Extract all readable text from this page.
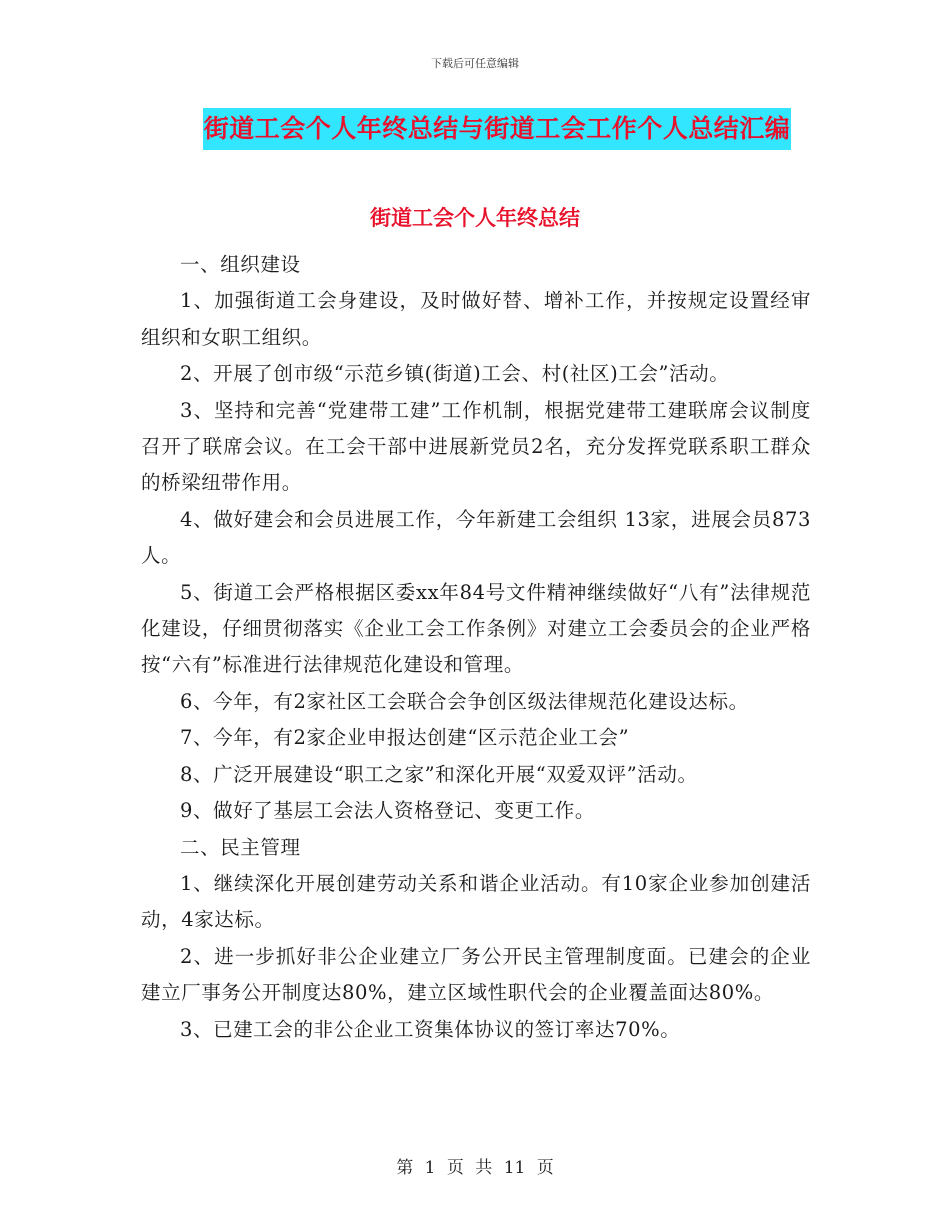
下载后可任意编辑
街道工会个人年终总结与街道工会工作个人总结汇编
街道工会个人年终总结

一、组织建设

1、加强街道工会身建设，及时做好替、增补工作，并按规定设置经审组织和女职工组织。

2、开展了创市级“示范乡镇(街道)工会、村(社区)工会”活动。

3、坚持和完善“党建带工建”工作机制，根据党建带工建联席会议制度召开了联席会议。在工会干部中进展新党员2名，充分发挥党联系职工群众的桥梁纽带作用。

4、做好建会和会员进展工作，今年新建工会组织 13家，进展会员873人。

5、街道工会严格根据区委xx年84号文件精神继续做好“八有”法律规范化建设，仔细贯彻落实《企业工会工作条例》对建立工会委员会的企业严格按“六有”标准进行法律规范化建设和管理。

6、今年，有2家社区工会联合会争创区级法律规范化建设达标。

7、今年，有2家企业申报达创建“区示范企业工会”

8、广泛开展建设“职工之家”和深化开展“双爱双评”活动。

9、做好了基层工会法人资格登记、变更工作。

二、民主管理

1、继续深化开展创建劳动关系和谐企业活动。有10家企业参加创建活动，4家达标。

2、进一步抓好非公企业建立厂务公开民主管理制度面。已建会的企业建立厂事务公开制度达80%，建立区域性职代会的企业覆盖面达80%。

3、已建工会的非公企业工资集体协议的签订率达70%。

第 1 页 共 11 页
